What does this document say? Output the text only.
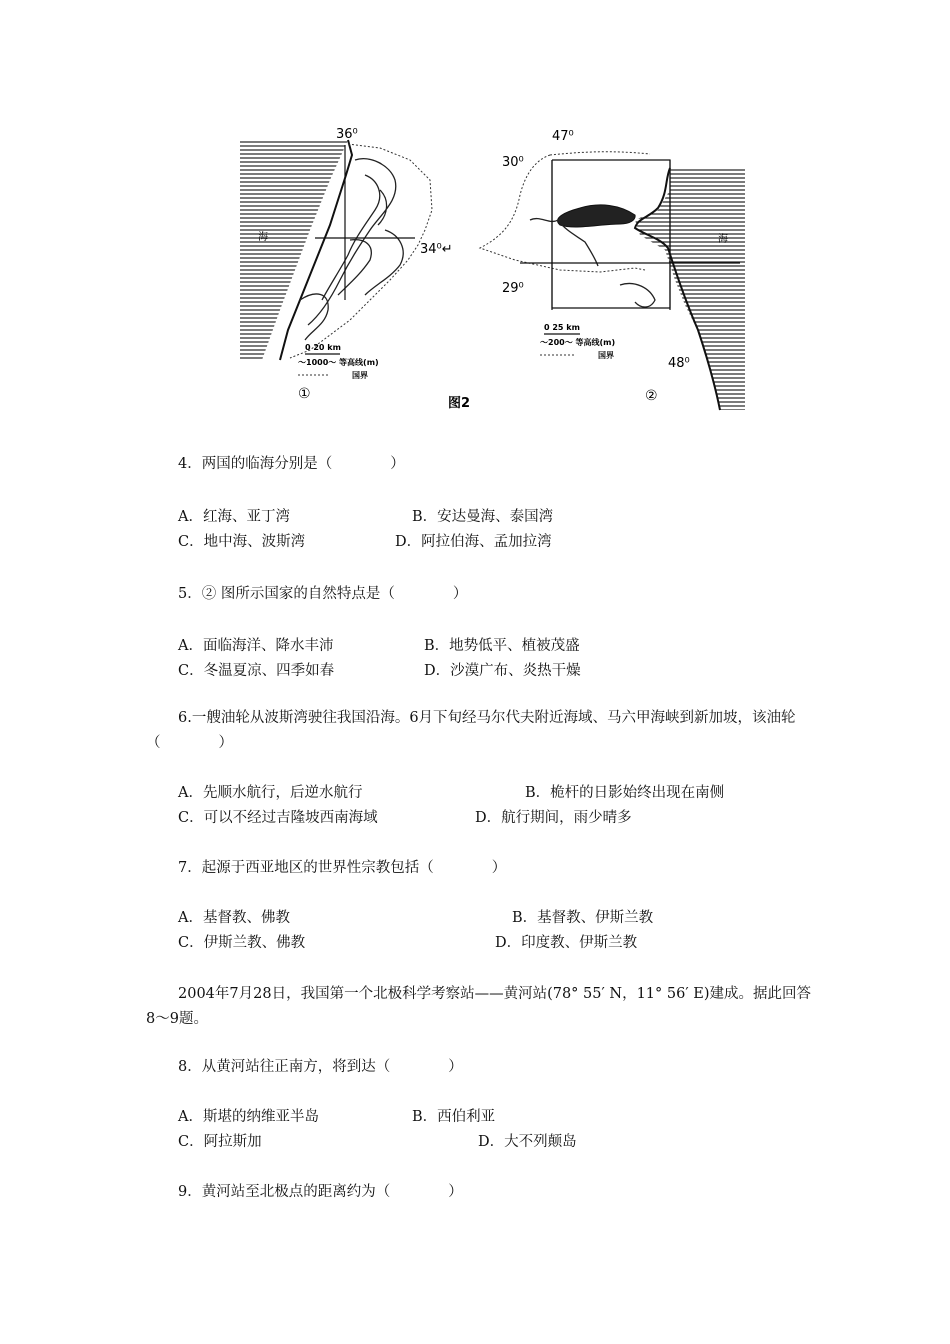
36⁰
34⁰↵
海
0 20 km
～1000～ 等高线(m)
国界
①
47⁰
30⁰
29⁰
48⁰
海
0 25 km
～200～ 等高线(m)
国界
②
图2
4．两国的临海分别是（　　　　）
A．红海、亚丁湾	B．安达曼海、泰国湾
C．地中海、波斯湾	D．阿拉伯海、孟加拉湾
5．② 图所示国家的自然特点是（　　　　）
A．面临海洋、降水丰沛	B．地势低平、植被茂盛
C．冬温夏凉、四季如春	D．沙漠广布、炎热干燥
6.一艘油轮从波斯湾驶往我国沿海。6月下旬经马尔代夫附近海域、马六甲海峡到新加坡，该油轮（　　　　）
A．先顺水航行，后逆水航行	B．桅杆的日影始终出现在南侧
C．可以不经过吉隆坡西南海域	D．航行期间，雨少晴多
7．起源于西亚地区的世界性宗教包括（　　　　）
A．基督教、佛教	B．基督教、伊斯兰教
C．伊斯兰教、佛教	D．印度教、伊斯兰教
2004年7月28日，我国第一个北极科学考察站——黄河站(78° 55′ N，11° 56′ E)建成。据此回答8～9题。
8．从黄河站往正南方，将到达（　　　　）
A．斯堪的纳维亚半岛	B．西伯利亚
C．阿拉斯加	D．大不列颠岛
9．黄河站至北极点的距离约为（　　　　）
